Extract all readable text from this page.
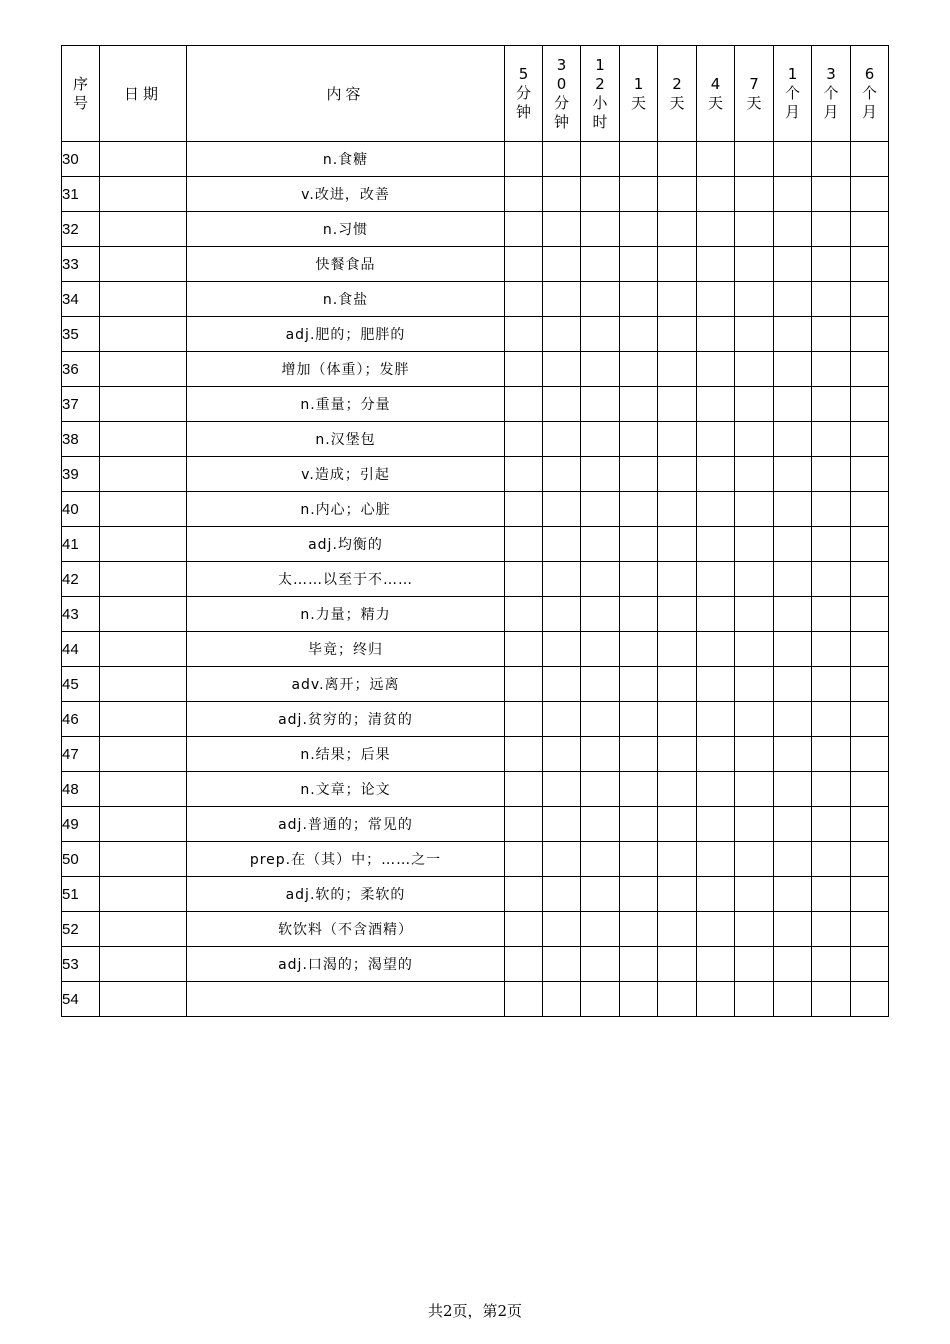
序号	日期	内容	5分钟	30分钟	12小时	1天	2天	4天	7天	1个月	3个月	6个月
30		n.食糖										
31		v.改进，改善										
32		n.习惯										
33		快餐食品										
34		n.食盐										
35		adj.肥的；肥胖的										
36		增加（体重）；发胖										
37		n.重量；分量										
38		n.汉堡包										
39		v.造成；引起										
40		n.内心；心脏										
41		adj.均衡的										
42		太……以至于不……										
43		n.力量；精力										
44		毕竟；终归										
45		adv.离开；远离										
46		adj.贫穷的；清贫的										
47		n.结果；后果										
48		n.文章；论文										
49		adj.普通的；常见的										
50		prep.在（其）中；……之一										
51		adj.软的；柔软的										
52		软饮料（不含酒精）										
53		adj.口渴的；渴望的										
54												
共2页，第2页
